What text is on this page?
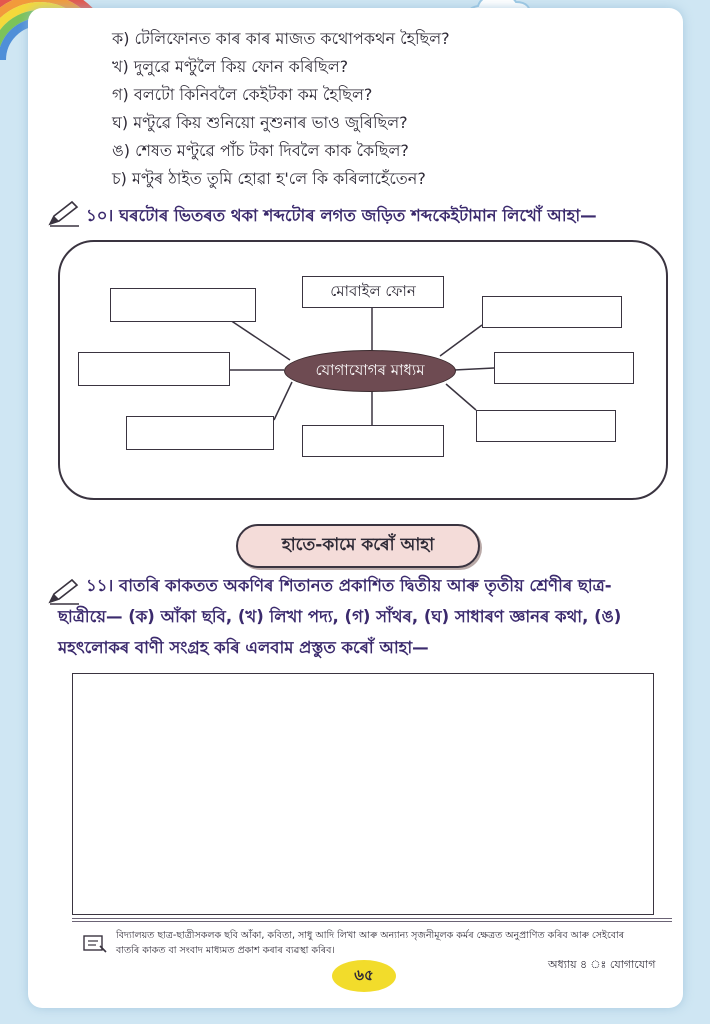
ক) টেলিফোনত কাৰ কাৰ মাজত কথোপকথন হৈছিল?
খ) দুলুৱে মণ্টুলৈ কিয় ফোন কৰিছিল?
গ) বলটো কিনিবলৈ কেইটকা কম হৈছিল?
ঘ) মণ্টুৱে কিয় শুনিয়ো নুশুনাৰ ভাও জুৰিছিল?
ঙ) শেষত মণ্টুৱে পাঁচ টকা দিবলৈ কাক কৈছিল?
চ) মণ্টুৰ ঠাইত তুমি হোৱা হ'লে কি কৰিলাহেঁতেন?
১০। ঘৰটোৰ ভিতৰত থকা শব্দটোৰ লগত জড়িত শব্দকেইটামান লিখোঁ আহা—
মোবাইল ফোন
যোগাযোগৰ মাধ্যম
হাতে-কামে কৰোঁ আহা
১১। বাতৰি কাকতত অকণিৰ শিতানত প্ৰকাশিত দ্বিতীয় আৰু তৃতীয় শ্ৰেণীৰ ছাত্ৰ-
ছাত্ৰীয়ে— (ক) আঁকা ছবি, (খ) লিখা পদ্য, (গ) সাঁথৰ, (ঘ) সাধাৰণ জ্ঞানৰ কথা, (ঙ)
মহৎলোকৰ বাণী সংগ্ৰহ কৰি এলবাম প্ৰস্তুত কৰোঁ আহা—
বিদ্যালয়ত ছাত্ৰ-ছাত্ৰীসকলক ছবি আঁকা, কবিতা, সাধু আদি লিখা আৰু অন্যান্য সৃজনীমূলক কৰ্মৰ ক্ষেত্ৰত অনুপ্ৰাণিত কৰিব আৰু সেইবোৰ
বাতৰি কাকত বা সংবাদ মাধ্যমত প্ৰকাশ কৰাৰ ব্যৱস্থা কৰিব।
৬৫
অধ্যায় ৪ ঃ যোগাযোগ
